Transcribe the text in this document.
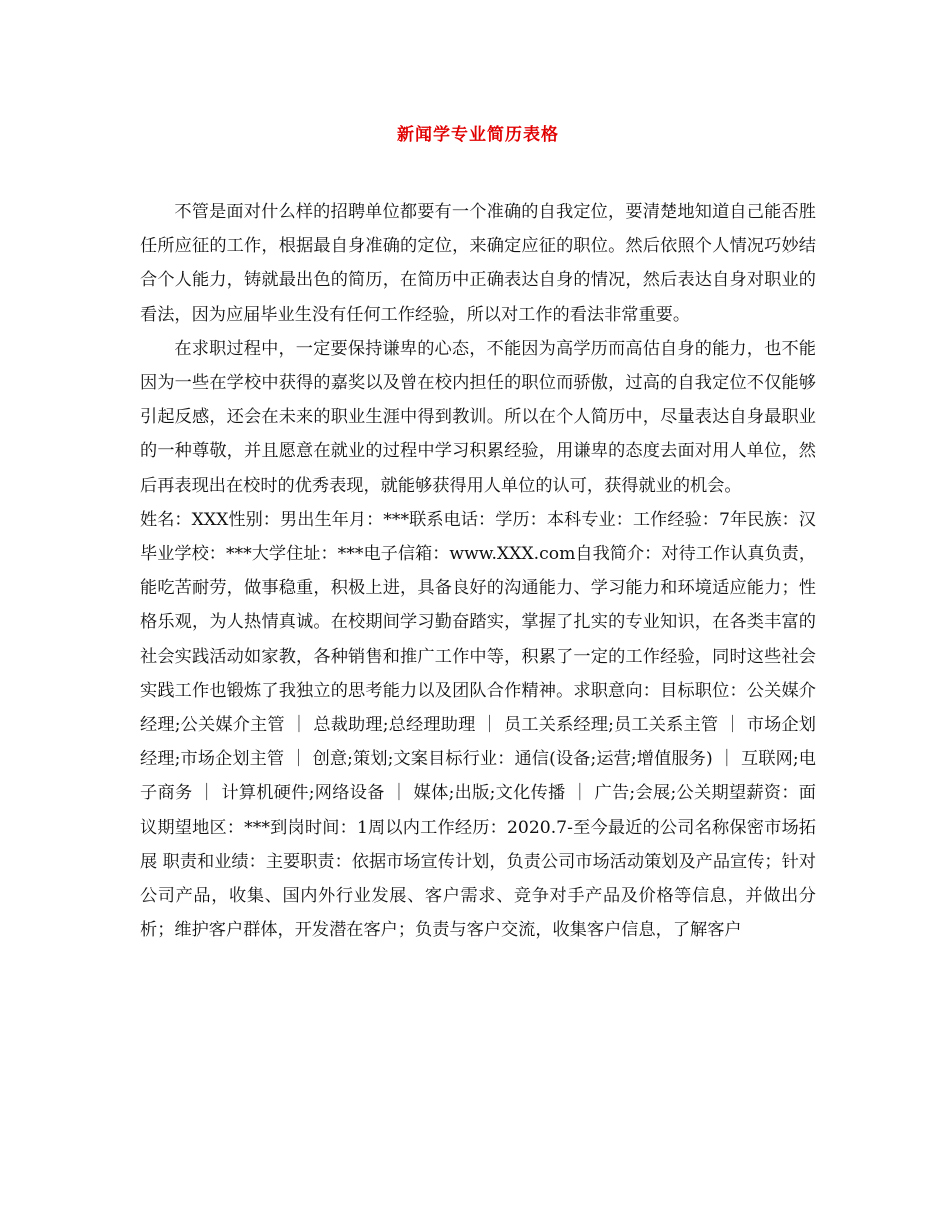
新闻学专业简历表格

不管是面对什么样的招聘单位都要有一个准确的自我定位，要清楚地知道自己能否胜任所应征的工作，根据最自身准确的定位，来确定应征的职位。然后依照个人情况巧妙结合个人能力，铸就最出色的简历，在简历中正确表达自身的情况，然后表达自身对职业的看法，因为应届毕业生没有任何工作经验，所以对工作的看法非常重要。

在求职过程中，一定要保持谦卑的心态，不能因为高学历而高估自身的能力，也不能因为一些在学校中获得的嘉奖以及曾在校内担任的职位而骄傲，过高的自我定位不仅能够引起反感，还会在未来的职业生涯中得到教训。所以在个人简历中，尽量表达自身最职业的一种尊敬，并且愿意在就业的过程中学习积累经验，用谦卑的态度去面对用人单位，然后再表现出在校时的优秀表现，就能够获得用人单位的认可，获得就业的机会。

姓名：XXX性别：男出生年月：***联系电话：学历：本科专业：工作经验：7年民族：汉毕业学校：***大学住址：***电子信箱：www.XXX.com自我简介：对待工作认真负责，能吃苦耐劳，做事稳重，积极上进，具备良好的沟通能力、学习能力和环境适应能力；性格乐观，为人热情真诚。在校期间学习勤奋踏实，掌握了扎实的专业知识，在各类丰富的社会实践活动如家教，各种销售和推广工作中等，积累了一定的工作经验，同时这些社会实践工作也锻炼了我独立的思考能力以及团队合作精神。求职意向：目标职位：公关媒介经理;公关媒介主管 ｜ 总裁助理;总经理助理 ｜ 员工关系经理;员工关系主管 ｜ 市场企划经理;市场企划主管 ｜ 创意;策划;文案目标行业：通信(设备;运营;增值服务) ｜ 互联网;电子商务 ｜ 计算机硬件;网络设备 ｜ 媒体;出版;文化传播 ｜ 广告;会展;公关期望薪资：面议期望地区：***到岗时间：1周以内工作经历：2020.7-至今最近的公司名称保密市场拓展 职责和业绩：主要职责：依据市场宣传计划，负责公司市场活动策划及产品宣传；针对公司产品，收集、国内外行业发展、客户需求、竞争对手产品及价格等信息，并做出分析；维护客户群体，开发潜在客户；负责与客户交流，收集客户信息，了解客户
